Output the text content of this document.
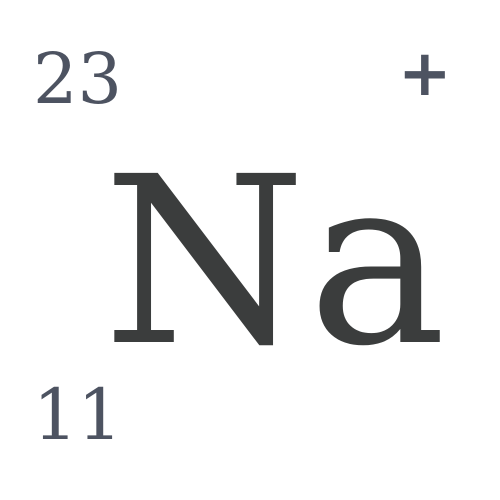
23	+
Na
11
